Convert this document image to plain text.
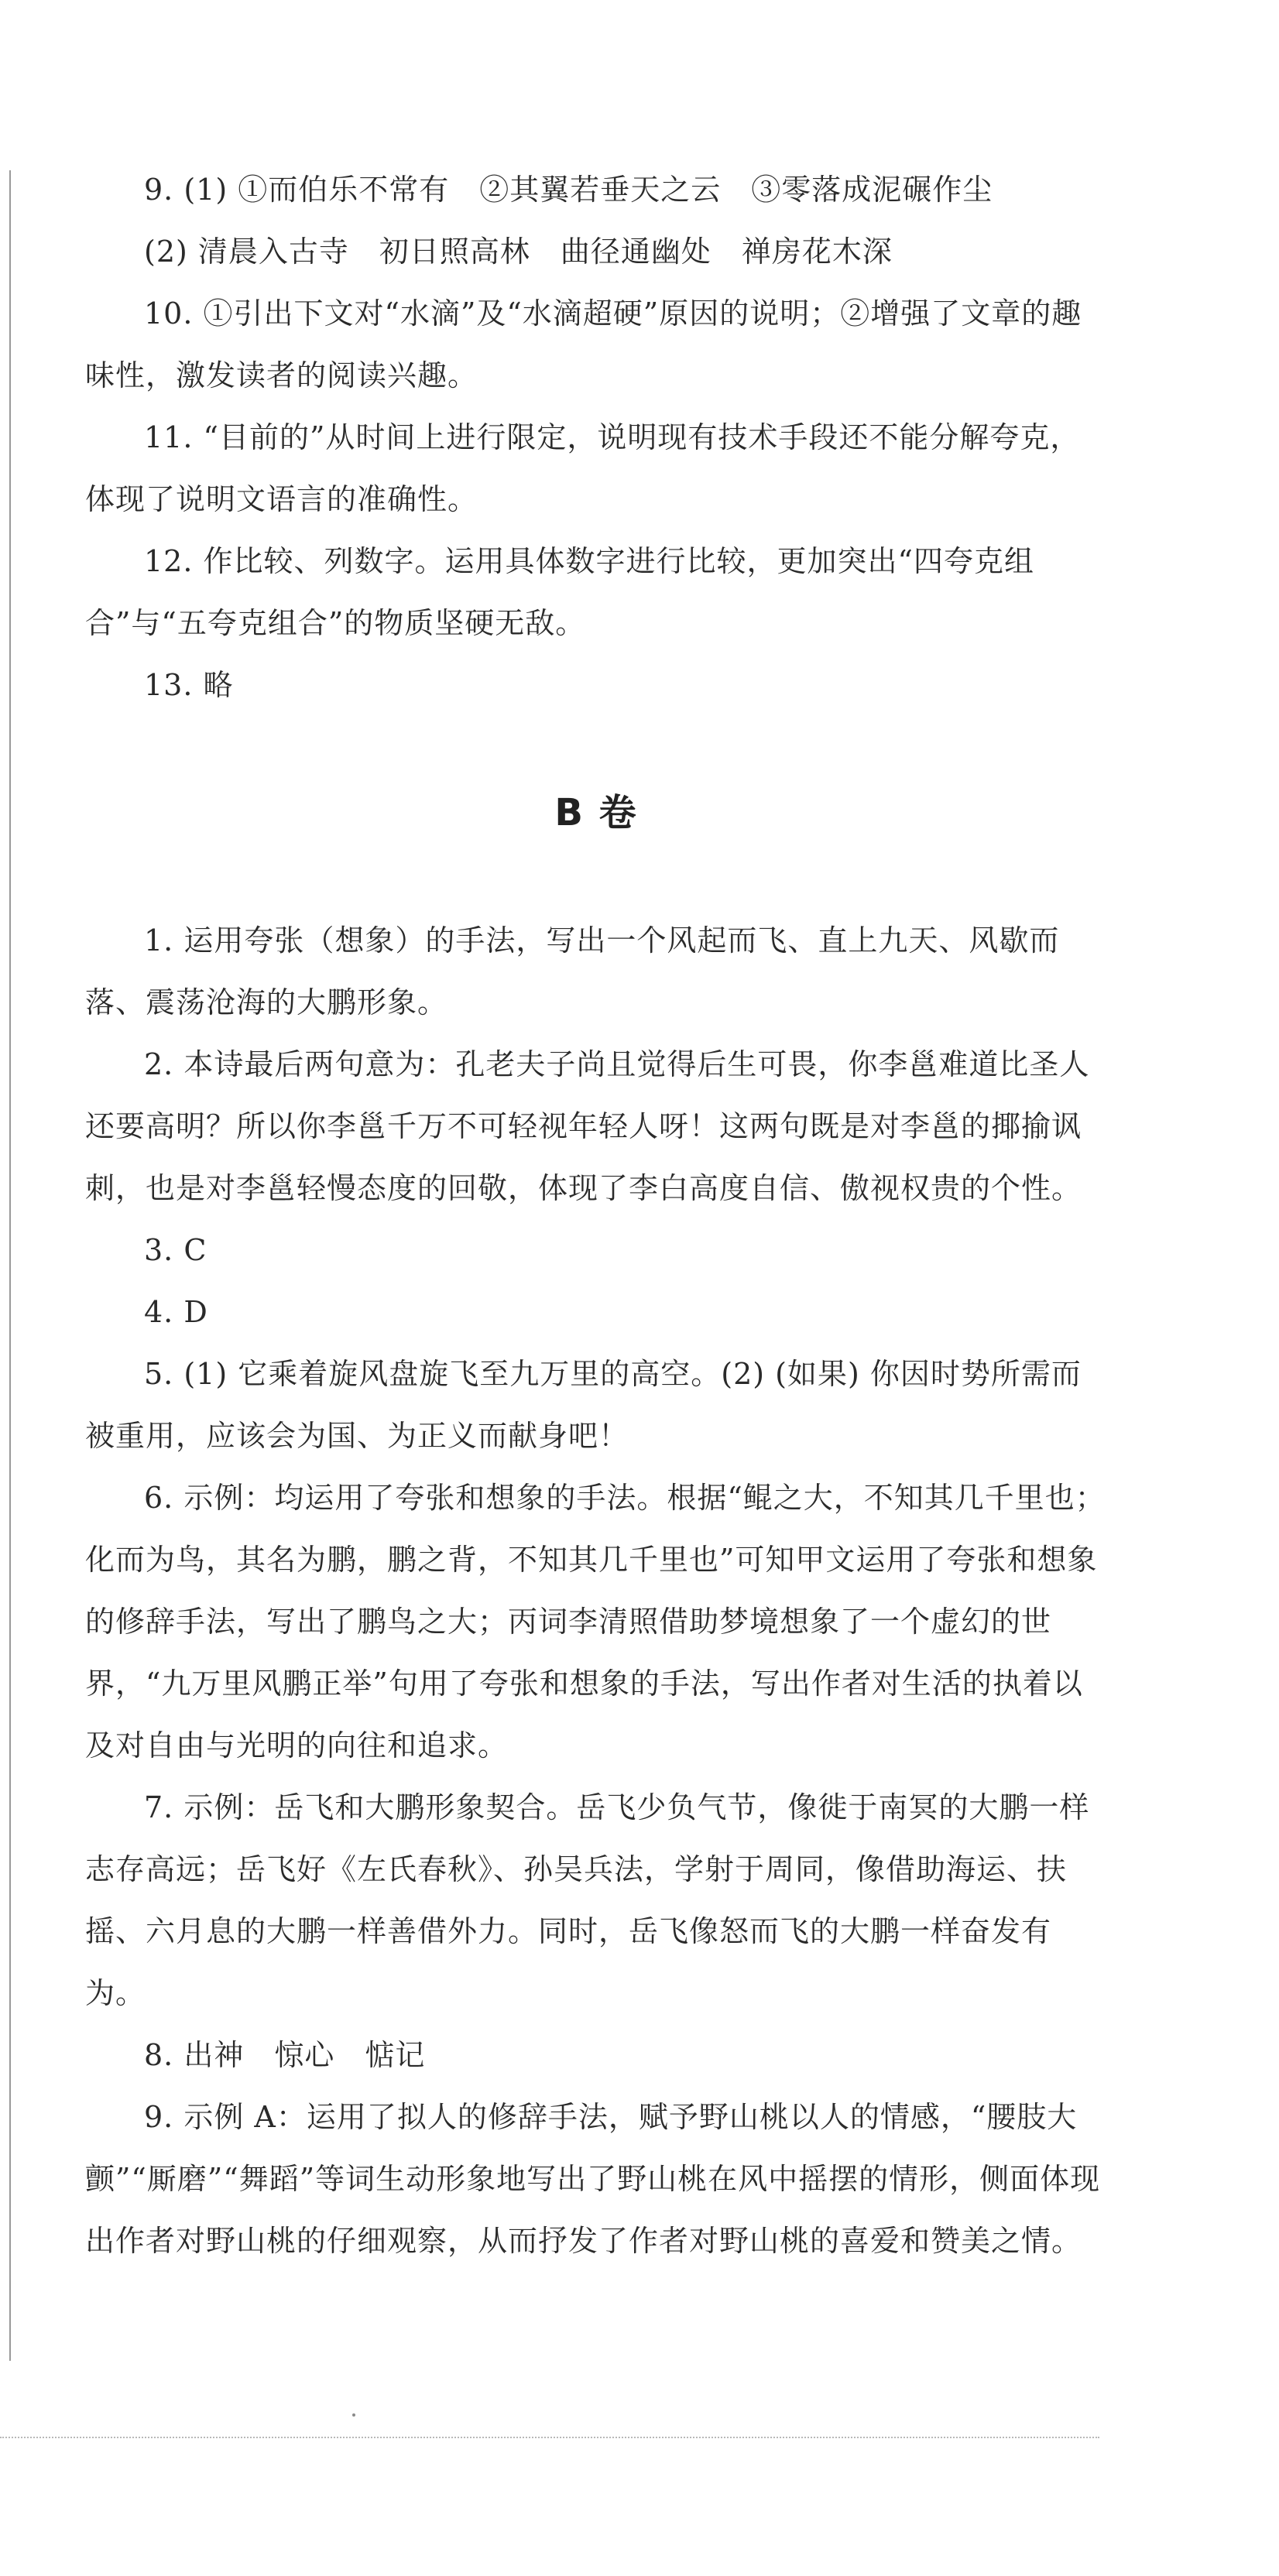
9. (1) ①而伯乐不常有　②其翼若垂天之云　③零落成泥碾作尘

(2) 清晨入古寺　初日照高林　曲径通幽处　禅房花木深

10. ①引出下文对“水滴”及“水滴超硬”原因的说明；②增强了文章的趣味性，激发读者的阅读兴趣。

11. “目前的”从时间上进行限定，说明现有技术手段还不能分解夸克，体现了说明文语言的准确性。

12. 作比较、列数字。运用具体数字进行比较，更加突出“四夸克组合”与“五夸克组合”的物质坚硬无敌。

13. 略

B 卷

1. 运用夸张（想象）的手法，写出一个风起而飞、直上九天、风歇而落、震荡沧海的大鹏形象。

2. 本诗最后两句意为：孔老夫子尚且觉得后生可畏，你李邕难道比圣人还要高明？所以你李邕千万不可轻视年轻人呀！这两句既是对李邕的揶揄讽刺，也是对李邕轻慢态度的回敬，体现了李白高度自信、傲视权贵的个性。

3. C

4. D

5. (1) 它乘着旋风盘旋飞至九万里的高空。(2) (如果) 你因时势所需而被重用，应该会为国、为正义而献身吧！

6. 示例：均运用了夸张和想象的手法。根据“鲲之大，不知其几千里也；化而为鸟，其名为鹏，鹏之背，不知其几千里也”可知甲文运用了夸张和想象的修辞手法，写出了鹏鸟之大；丙词李清照借助梦境想象了一个虚幻的世界，“九万里风鹏正举”句用了夸张和想象的手法，写出作者对生活的执着以及对自由与光明的向往和追求。

7. 示例：岳飞和大鹏形象契合。岳飞少负气节，像徙于南冥的大鹏一样志存高远；岳飞好《左氏春秋》、孙吴兵法，学射于周同，像借助海运、扶摇、六月息的大鹏一样善借外力。同时，岳飞像怒而飞的大鹏一样奋发有为。

8. 出神　惊心　惦记

9. 示例 A：运用了拟人的修辞手法，赋予野山桃以人的情感，“腰肢大颤”“厮磨”“舞蹈”等词生动形象地写出了野山桃在风中摇摆的情形，侧面体现出作者对野山桃的仔细观察，从而抒发了作者对野山桃的喜爱和赞美之情。
